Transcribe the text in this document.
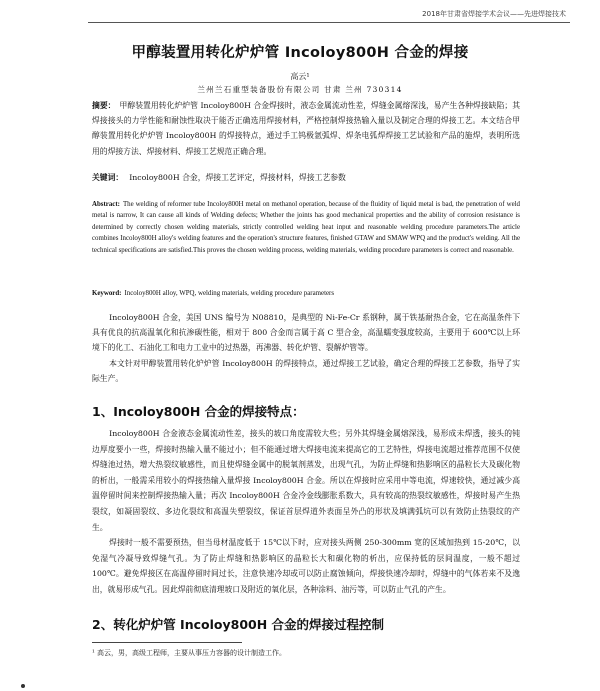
2018年甘肃省焊接学术会议——先进焊接技术
甲醇装置用转化炉炉管 Incoloy800H 合金的焊接
高云¹
兰州兰石重型装备股份有限公司 甘肃 兰州 730314
摘要： 甲醇装置用转化炉炉管 Incoloy800H 合金焊接时，液态金属流动性差，焊缝金属熔深浅，易产生各种焊接缺陷；其焊接接头的力学性能和耐蚀性取决于能否正确选用焊接材料，严格控制焊接热输入量以及制定合理的焊接工艺。本文结合甲醇装置用转化炉炉管 Incoloy800H 的焊接特点，通过手工钨极氩弧焊、焊条电弧焊焊接工艺试验和产品的施焊，表明所选用的焊接方法、焊接材料、焊接工艺规范正确合理。
关键词： Incoloy800H 合金，焊接工艺评定，焊接材料，焊接工艺参数
Abstract: The welding of reformer tube Incoloy800H metal on methanol operation, because of the fluidity of liquid metal is bad, the penetration of weld metal is narrow, It can cause all kinds of Welding defects; Whether the joints has good mechanical properties and the ability of corrosion resistance is determined by correctly chosen welding materials, strictly controlled welding heat input and reasonable welding procedure parameters.The article combines Incoloy800H alloy's welding features and the operation's structure features, finished GTAW and SMAW WPQ and the product's welding. All the technical specifications are satisfied.This proves the chosen welding process, welding materials, welding procedure parameters is correct and reasonable.
Keyword: Incoloy800H alloy, WPQ, welding materials, welding procedure parameters

Incoloy800H 合金，美国 UNS 编号为 N08810，是典型的 Ni-Fe-Cr 系钢种，属于铁基耐热合金，它在高温条件下具有优良的抗高温氧化和抗渗碳性能，相对于 800 合金而言属于高 C 型合金，高温蠕变强度较高，主要用于 600℃以上环境下的化工、石油化工和电力工业中的过热器，再沸器、转化炉管、裂解炉管等。

本文针对甲醇装置用转化炉炉管 Incoloy800H 的焊接特点，通过焊接工艺试验，确定合理的焊接工艺参数，指导了实际生产。

1、Incoloy800H 合金的焊接特点：

Incoloy800H 合金液态金属流动性差，接头的坡口角度需较大些；另外其焊缝金属熔深浅，易形成未焊透，接头的钝边厚度要小一些，焊接时热输入量不能过小；但不能通过增大焊接电流来提高它的工艺特性，焊接电流超过推荐范围不仅使焊缝池过热，增大热裂纹敏感性，而且使焊缝金属中的脱氧剂蒸发，出现气孔，为防止焊缝和热影响区的晶粒长大及碳化物的析出，一般需采用较小的焊接热输入量焊接 Incoloy800H 合金。所以在焊接时应采用中等电流，焊速较快，通过减少高温停留时间来控制焊接热输入量；再次 Incoloy800H 合金冷金线膨胀系数大，具有较高的热裂纹敏感性，焊接时易产生热裂纹，如凝固裂纹、多边化裂纹和高温失塑裂纹，保证首层焊道外表面呈外凸的形状及填满弧坑可以有效防止热裂纹的产生。

焊接时一般不需要预热，但当母材温度低于 15℃以下时，应对接头两侧 250-300mm 宽的区域加热到 15-20℃，以免湿气冷凝导致焊缝气孔。为了防止焊缝和热影响区的晶粒长大和碳化物的析出，应保持低的层间温度，一般不超过 100℃。避免焊接区在高温停留时间过长，注意快速冷却或可以防止腐蚀倾向，焊接快速冷却时，焊缝中的气体若来不及逸出，就易形成气孔。因此焊前彻底清理坡口及附近的氧化层，各种涂料、油污等，可以防止气孔的产生。

2、转化炉炉管 Incoloy800H 合金的焊接过程控制
¹ 高云，男，高级工程师，主要从事压力容器的设计制造工作。
